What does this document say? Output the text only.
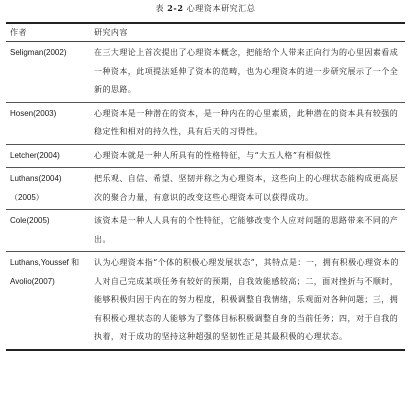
表 2-2 心理资本研究汇总
作者	研究内容
Seligman(2002)	在三大理论上首次提出了心理资本概念，把能给个人带来正向行为的心里因素看成一种资本，此项提法延伸了资本的范畴，也为心理资本的进一步研究展示了一个全新的思路。
Hosen(2003)	心理资本是一种潜在的资本，是一种内在的心里素质，此种潜在的资本具有较强的稳定性和相对的持久性，具有后天的习得性。
Letcher(2004)	心理资本就是一种人所具有的性格特征，与“大五人格”有相似性
Luthans(2004)（2005）	把乐观、自信、希望、坚韧并称之为心理资本，这些向上的心理状态能构成更高层次的聚合力量，有意识的改变这些心理资本可以获得成功。
Cole(2005)	该资本是一种人人具有的个性特征，它能够改变个人应对问题的思路带来不同的产出。
Luthans,Youssef 和 Avolio(2007)	认为心理资本指“个体的积极心理发展状态”，其特点是：一，拥有积极心理资本的人对自己完成某项任务有较好的预期，自我效能感较高；二，面对挫折与不顺时，能够积极归因于内在的努力程度，积极调整自我情绪，乐观面对各种问题；三，拥有积极心理状态的人能够为了整体目标积极调整自身的当前任务；四，对于自我的执着，对于成功的坚持这种超强的坚韧性正是其最积极的心理状态。
